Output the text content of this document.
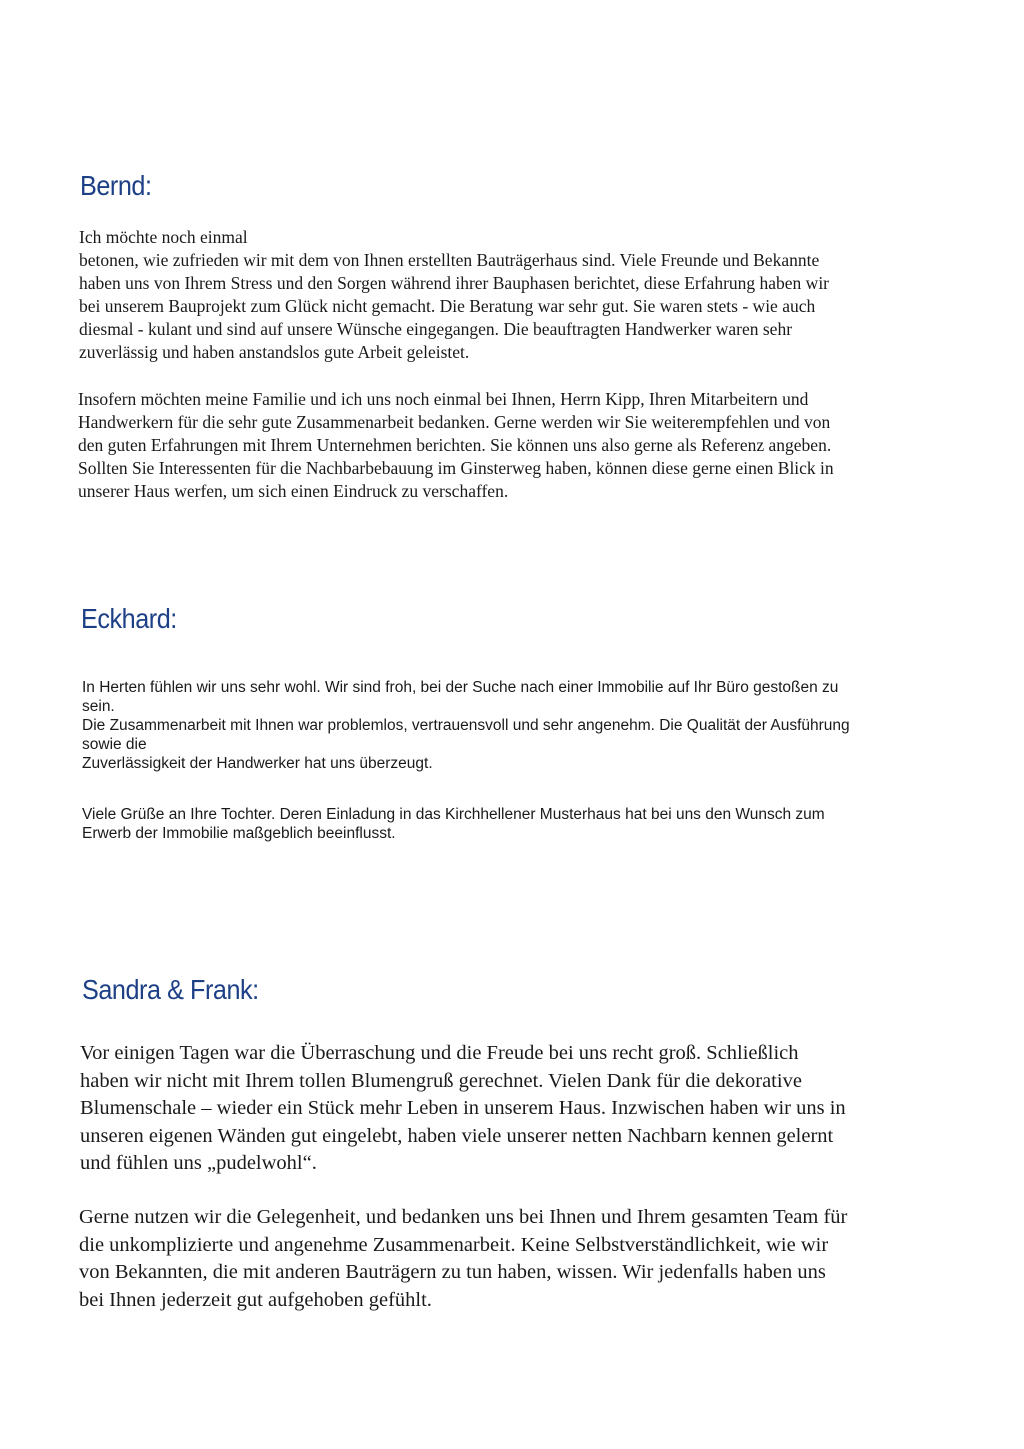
Bernd:
Ich möchte noch einmal
betonen, wie zufrieden wir mit dem von Ihnen erstellten Bauträgerhaus sind. Viele Freunde und Bekannte
haben uns von Ihrem Stress und den Sorgen während ihrer Bauphasen berichtet, diese Erfahrung haben wir
bei unserem Bauprojekt zum Glück nicht gemacht. Die Beratung war sehr gut. Sie waren stets - wie auch
diesmal - kulant und sind auf unsere Wünsche eingegangen. Die beauftragten Handwerker waren sehr
zuverlässig und haben anstandslos gute Arbeit geleistet.
Insofern möchten meine Familie und ich uns noch einmal bei Ihnen, Herrn Kipp, Ihren Mitarbeitern und
Handwerkern für die sehr gute Zusammenarbeit bedanken. Gerne werden wir Sie weiterempfehlen und von
den guten Erfahrungen mit Ihrem Unternehmen berichten. Sie können uns also gerne als Referenz angeben.
Sollten Sie Interessenten für die Nachbarbebauung im Ginsterweg haben, können diese gerne einen Blick in
unserer Haus werfen, um sich einen Eindruck zu verschaffen.
Eckhard:
In Herten fühlen wir uns sehr wohl. Wir sind froh, bei der Suche nach einer Immobilie auf Ihr Büro gestoßen zu
sein.
Die Zusammenarbeit mit Ihnen war problemlos, vertrauensvoll und sehr angenehm. Die Qualität der Ausführung
sowie die
Zuverlässigkeit der Handwerker hat uns überzeugt.
Viele Grüße an Ihre Tochter. Deren Einladung in das Kirchhellener Musterhaus hat bei uns den Wunsch zum
Erwerb der Immobilie maßgeblich beeinflusst.
Sandra & Frank:
Vor einigen Tagen war die Überraschung und die Freude bei uns recht groß. Schließlich
haben wir nicht mit Ihrem tollen Blumengruß gerechnet. Vielen Dank für die dekorative
Blumenschale – wieder ein Stück mehr Leben in unserem Haus. Inzwischen haben wir uns in
unseren eigenen Wänden gut eingelebt, haben viele unserer netten Nachbarn kennen gelernt
und fühlen uns „pudelwohl“.
Gerne nutzen wir die Gelegenheit, und bedanken uns bei Ihnen und Ihrem gesamten Team für
die unkomplizierte und angenehme Zusammenarbeit. Keine Selbstverständlichkeit, wie wir
von Bekannten, die mit anderen Bauträgern zu tun haben, wissen. Wir jedenfalls haben uns
bei Ihnen jederzeit gut aufgehoben gefühlt.
